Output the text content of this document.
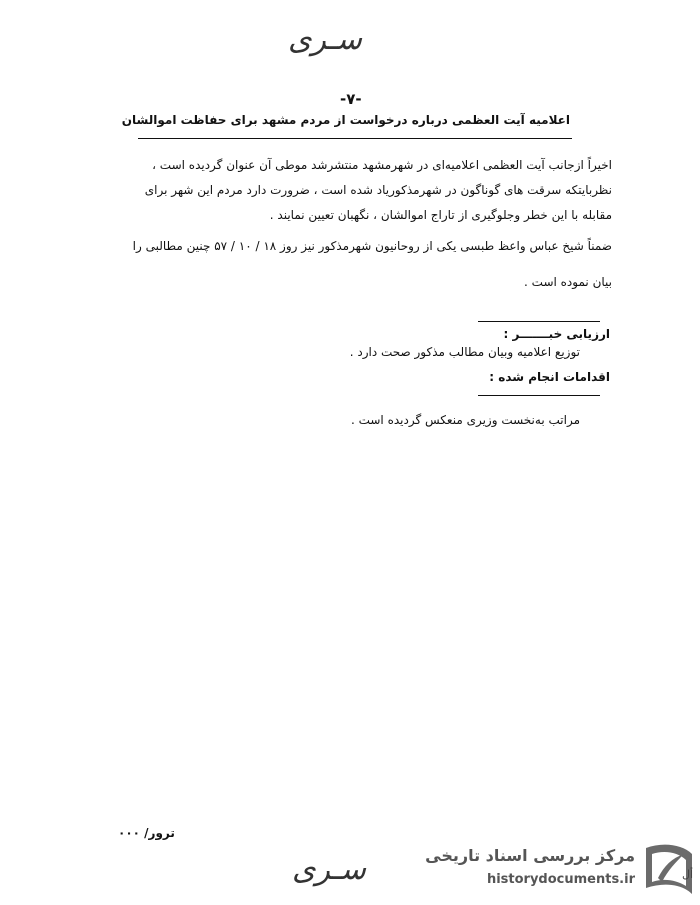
سـری
-٧-
اعلامیه آیت العظمی درباره درخواست از مردم مشهد برای حفاظت اموالشان
اخیراً ازجانب آیت العظمی اعلامیه‌ای در شهرمشهد منتشرشد موطی آن عنوان گردیده است ،
نظربایتکه سرقت های گوناگون در شهرمذکوریاد شده است ، ضرورت دارد مردم این شهر برای
مقابله با این خطر وجلوگیری از تاراج اموالشان ، نگهبان تعیین نمایند .
ضمناً شیخ عباس واعظ طبسی یکی از روحانیون شهرمذکور نیز روز ۱۸ / ۱۰ / ۵۷ چنین مطالبی را
بیان نموده است .
ارزیابی خبـــــــر :
توزیع اعلامیه وبیان مطالب مذکور صحت دارد .
اقدامات انجام شده :
مراتب به‌نخست وزیری منعکس گردیده است .
ترور/ ۰۰۰
سـری	مرکز بررسی اسناد تاریخی
historydocuments.ir	أل
